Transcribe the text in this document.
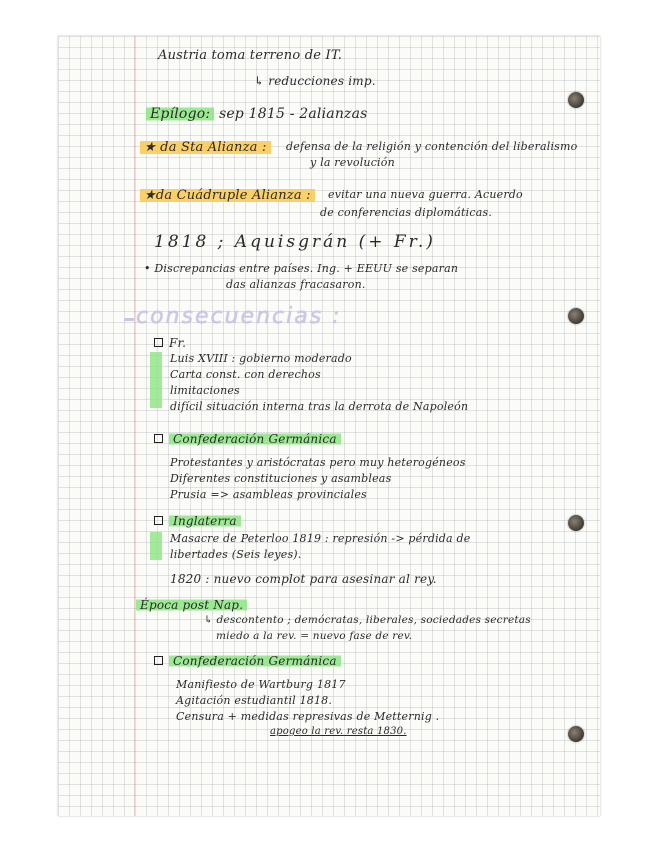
Austria toma terreno de IT.
↳ reducciones imp.
Epílogo: sep 1815 - 2alianzas
★ da Sta Alianza :	defensa de la religión y contención del liberalismo
y la revolución
★da Cuádruple Alianza :	evitar una nueva guerra. Acuerdo
de conferencias diplomáticas.
1818 ; Aquisgrán (+ Fr.)
• Discrepancias entre países. Ing. + EEUU se separan
das alianzas fracasaron.
consecuencias :
Fr.
Luis XVIII : gobierno moderado
Carta const. con derechos
limitaciones
difícil situación interna tras la derrota de Napoleón
Confederación Germánica
Protestantes y aristócratas pero muy heterogéneos
Diferentes constituciones y asambleas
Prusia => asambleas provinciales
Inglaterra
Masacre de Peterloo 1819 : represión -> pérdida de
libertades (Seis leyes).
1820 : nuevo complot para asesinar al rey.
Época post Nap.
↳ descontento ; demócratas, liberales, sociedades secretas
miedo a la rev. = nuevo fase de rev.
Confederación Germánica
Manifiesto de Wartburg 1817
Agitación estudiantil 1818.
Censura + medidas represivas de Metternig .
apogeo la rev. resta 1830.
